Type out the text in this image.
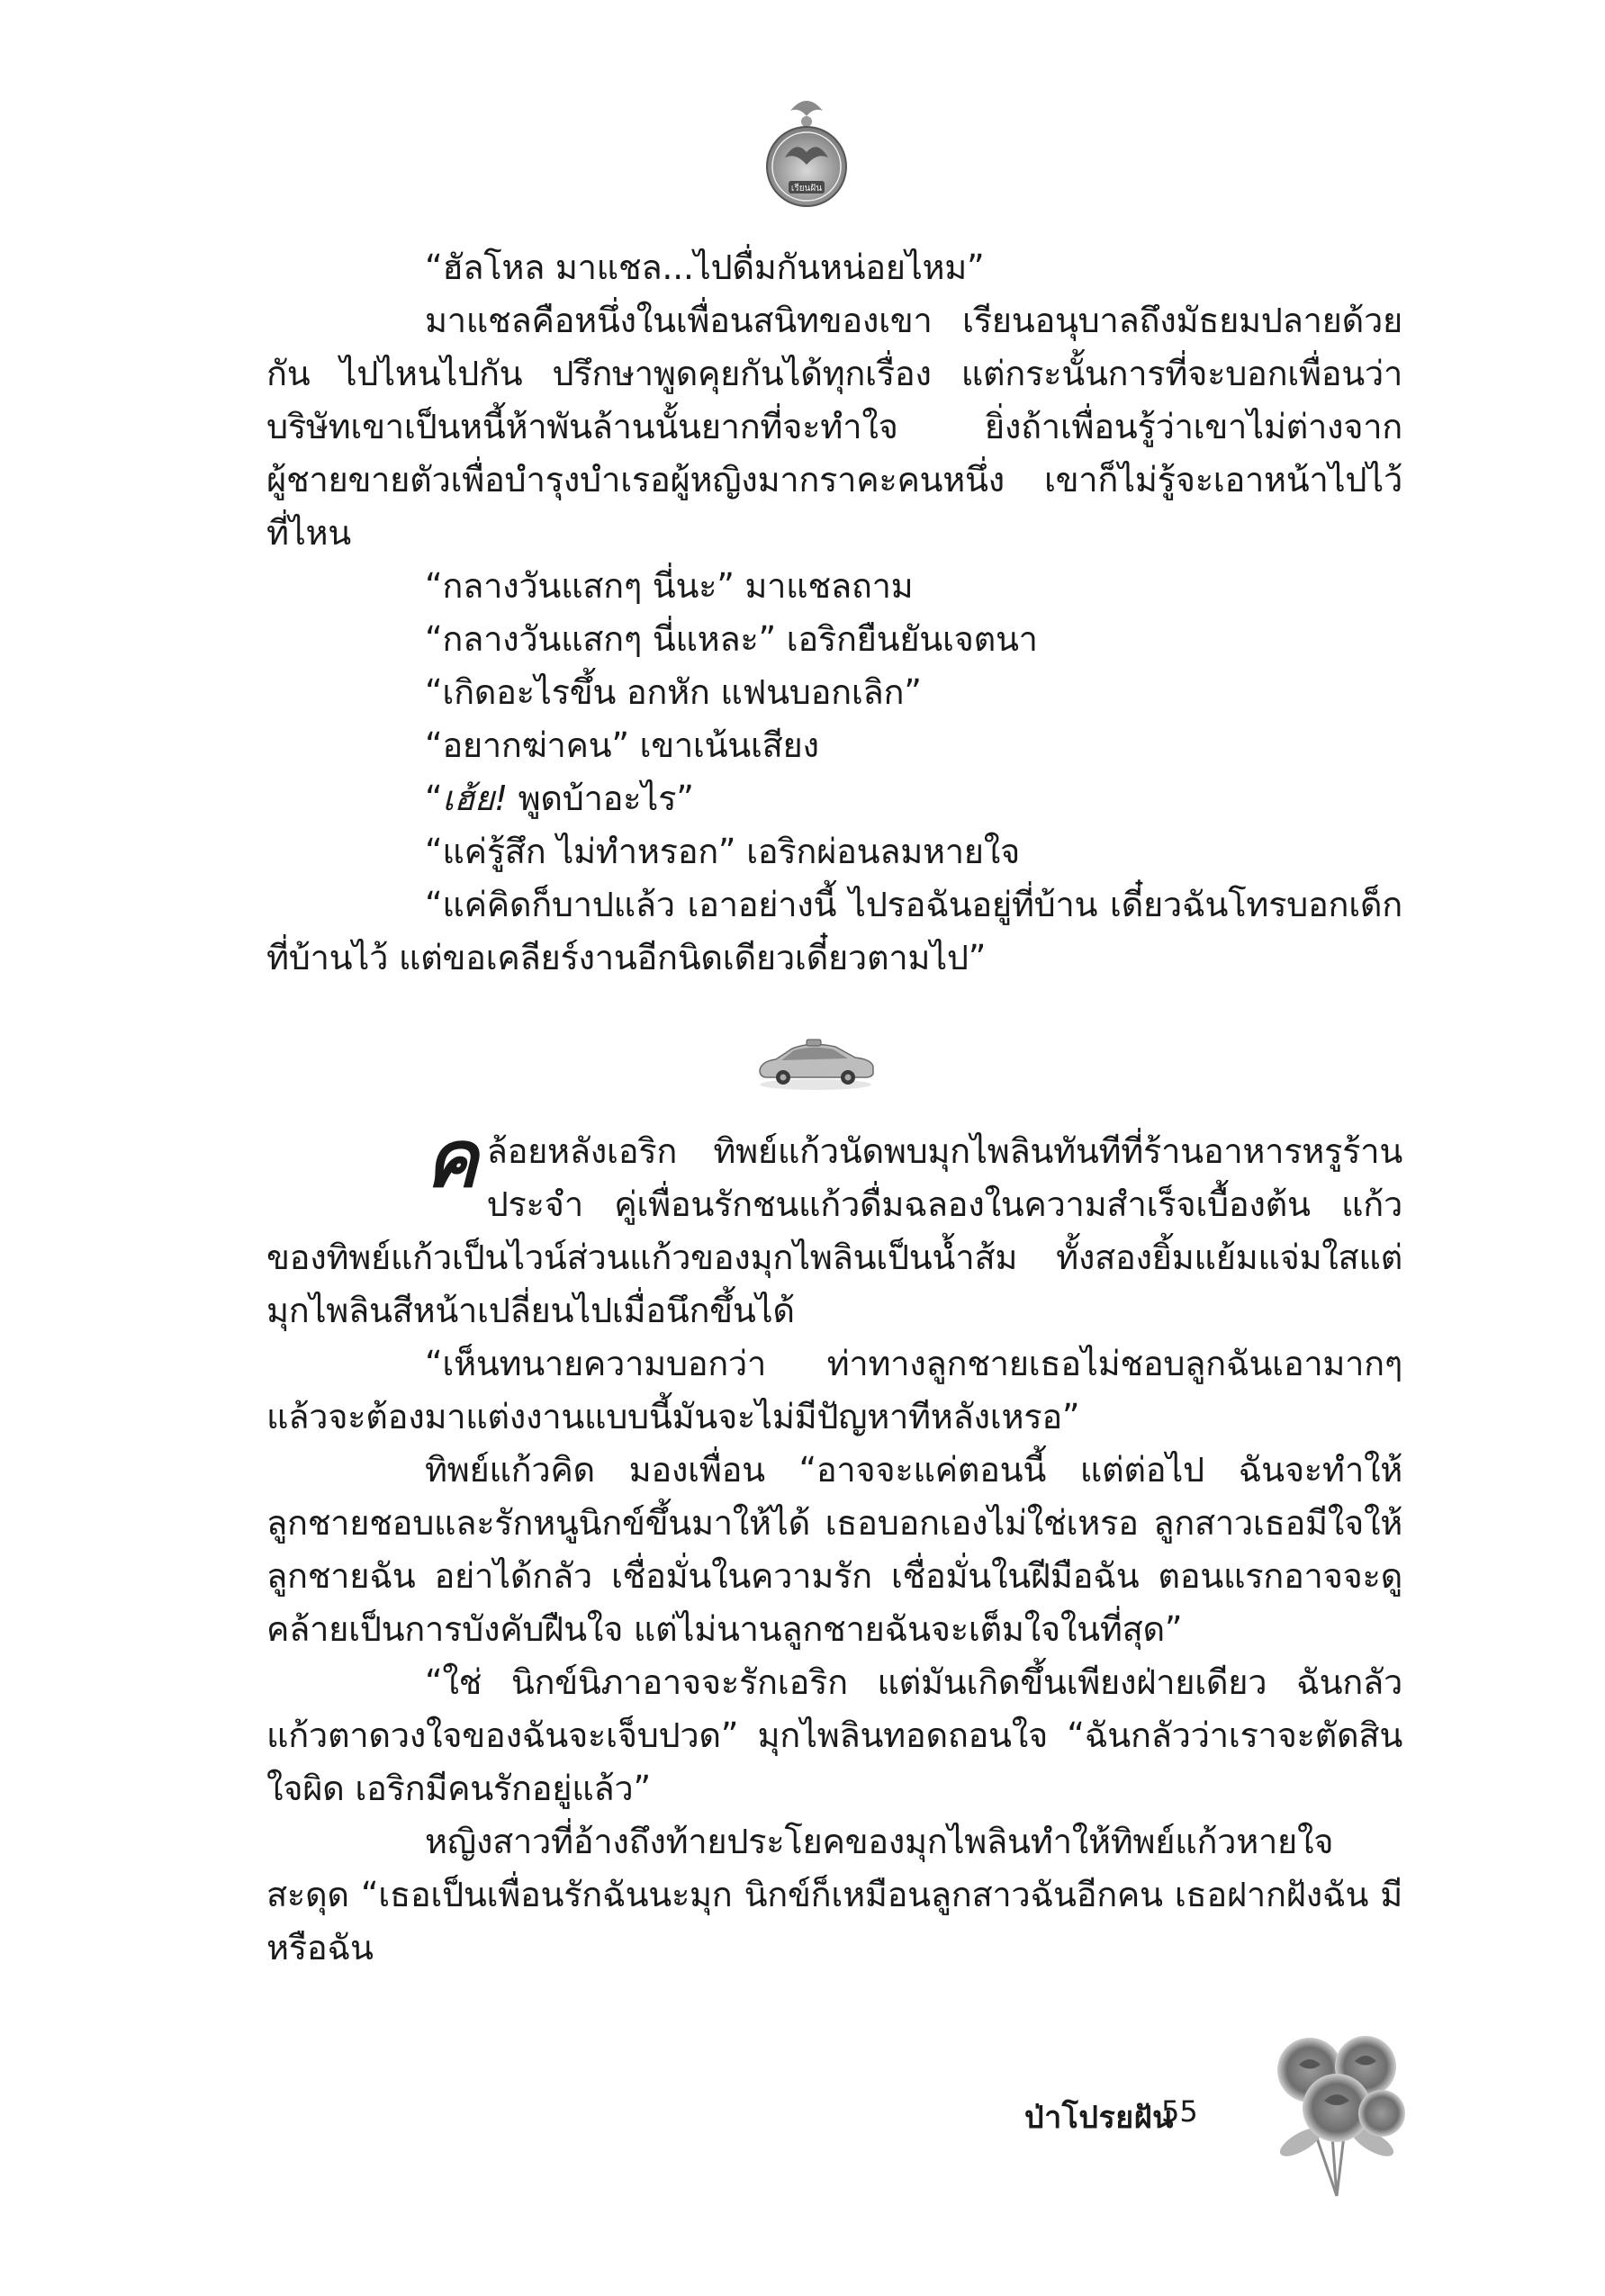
เรียนฝัน

“ฮัลโหล มาแชล...ไปดื่มกันหน่อยไหม”

มาแชลคือหนึ่งในเพื่อนสนิทของเขา เรียนอนุบาลถึงมัธยมปลายด้วยกัน ไปไหนไปกัน ปรึกษาพูดคุยกันได้ทุกเรื่อง แต่กระนั้นการที่จะบอกเพื่อนว่าบริษัทเขาเป็นหนี้ห้าพันล้านนั้นยากที่จะทำใจ ยิ่งถ้าเพื่อนรู้ว่าเขาไม่ต่างจากผู้ชายขายตัวเพื่อบำรุงบำเรอผู้หญิงมากราคะคนหนึ่ง เขาก็ไม่รู้จะเอาหน้าไปไว้ที่ไหน

“กลางวันแสกๆ นี่นะ” มาแชลถาม

“กลางวันแสกๆ นี่แหละ” เอริกยืนยันเจตนา

“เกิดอะไรขึ้น อกหัก แฟนบอกเลิก”

“อยากฆ่าคน” เขาเน้นเสียง

“เฮ้ย! พูดบ้าอะไร”

“แค่รู้สึก ไม่ทำหรอก” เอริกผ่อนลมหายใจ

“แค่คิดก็บาปแล้ว เอาอย่างนี้ ไปรอฉันอยู่ที่บ้าน เดี๋ยวฉันโทรบอกเด็กที่บ้านไว้ แต่ขอเคลียร์งานอีกนิดเดียวเดี๋ยวตามไป”

คล้อยหลังเอริก ทิพย์แก้วนัดพบมุกไพลินทันทีที่ร้านอาหารหรูร้านประจำ คู่เพื่อนรักชนแก้วดื่มฉลองในความสำเร็จเบื้องต้น แก้วของทิพย์แก้วเป็นไวน์ส่วนแก้วของมุกไพลินเป็นน้ำส้ม ทั้งสองยิ้มแย้มแจ่มใสแต่มุกไพลินสีหน้าเปลี่ยนไปเมื่อนึกขึ้นได้

“เห็นทนายความบอกว่า ท่าทางลูกชายเธอไม่ชอบลูกฉันเอามากๆ แล้วจะต้องมาแต่งงานแบบนี้มันจะไม่มีปัญหาทีหลังเหรอ”

ทิพย์แก้วคิด มองเพื่อน “อาจจะแค่ตอนนี้ แต่ต่อไป ฉันจะทำให้ลูกชายชอบและรักหนูนิกข์ขึ้นมาให้ได้ เธอบอกเองไม่ใช่เหรอ ลูกสาวเธอมีใจให้ลูกชายฉัน อย่าได้กลัว เชื่อมั่นในความรัก เชื่อมั่นในฝีมือฉัน ตอนแรกอาจจะดูคล้ายเป็นการบังคับฝืนใจ แต่ไม่นานลูกชายฉันจะเต็มใจในที่สุด”

“ใช่ นิกข์นิภาอาจจะรักเอริก แต่มันเกิดขึ้นเพียงฝ่ายเดียว ฉันกลัวแก้วตาดวงใจของฉันจะเจ็บปวด” มุกไพลินทอดถอนใจ “ฉันกลัวว่าเราจะตัดสินใจผิด เอริกมีคนรักอยู่แล้ว”

หญิงสาวที่อ้างถึงท้ายประโยคของมุกไพลินทำให้ทิพย์แก้วหายใจสะดุด “เธอเป็นเพื่อนรักฉันนะมุก นิกข์ก็เหมือนลูกสาวฉันอีกคน เธอฝากฝังฉัน มีหรือฉัน

ป่าโปรยฝัน
55
